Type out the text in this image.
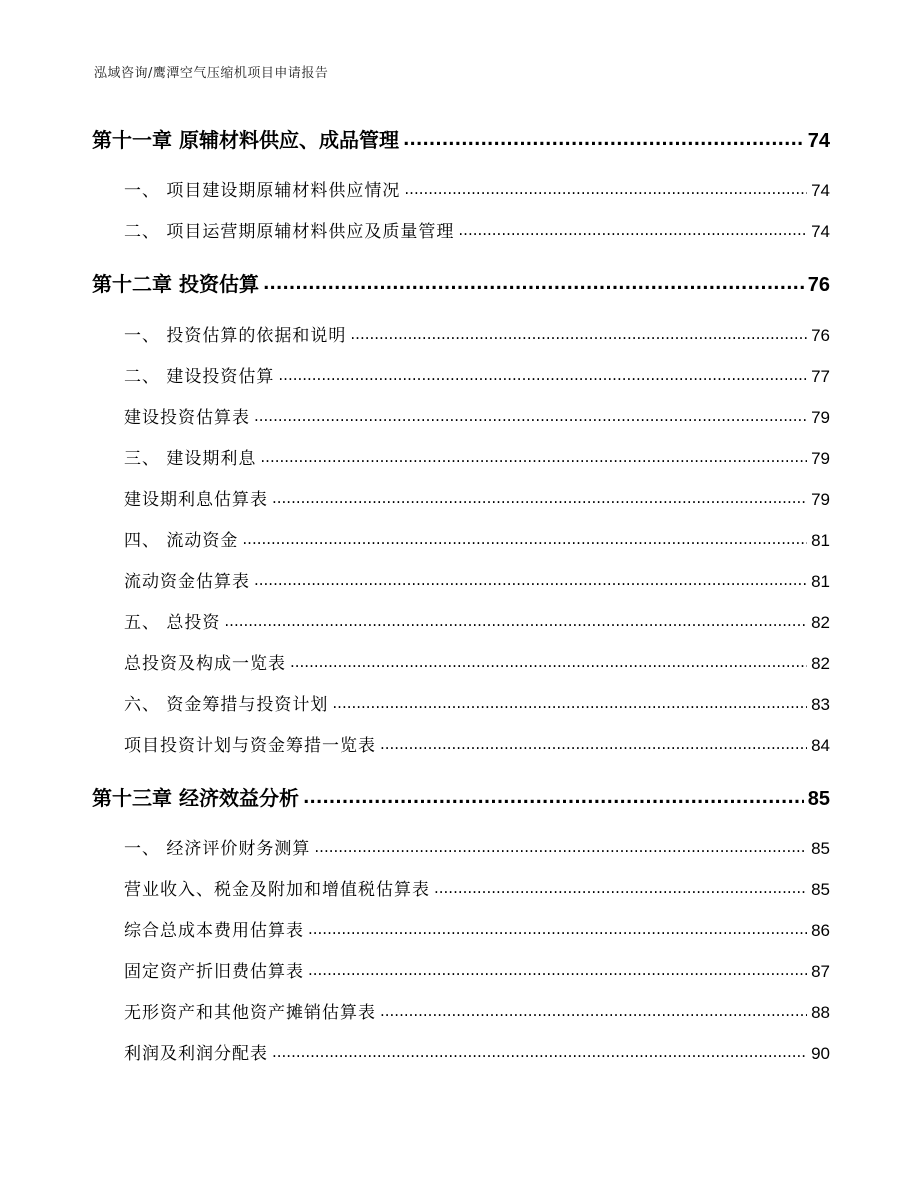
泓域咨询/鹰潭空气压缩机项目申请报告
第十一章 原辅材料供应、成品管理 .....	74
一、 项目建设期原辅材料供应情况 .....	74
二、 项目运营期原辅材料供应及质量管理 .....	74
第十二章 投资估算 .....	76
一、 投资估算的依据和说明 .....	76
二、 建设投资估算 .....	77
建设投资估算表 .....	79
三、 建设期利息 .....	79
建设期利息估算表 .....	79
四、 流动资金 .....	81
流动资金估算表 .....	81
五、 总投资 .....	82
总投资及构成一览表 .....	82
六、 资金筹措与投资计划 .....	83
项目投资计划与资金筹措一览表 .....	84
第十三章 经济效益分析 .....	85
一、 经济评价财务测算 .....	85
营业收入、税金及附加和增值税估算表 .....	85
综合总成本费用估算表 .....	86
固定资产折旧费估算表 .....	87
无形资产和其他资产摊销估算表 .....	88
利润及利润分配表 .....	90
